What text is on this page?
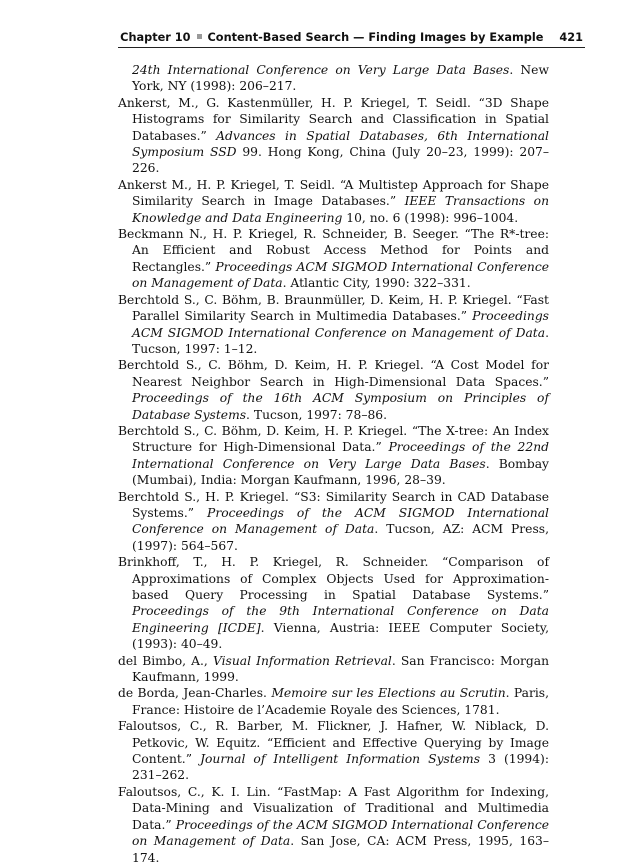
Chapter 10 Content-Based Search — Finding Images by Example 421

24th International Conference on Very Large Data Bases. New York, NY (1998): 206–217.

Ankerst, M., G. Kastenmüller, H. P. Kriegel, T. Seidl. “3D Shape Histograms for Similarity Search and Classification in Spatial Databases.” Advances in Spatial Databases, 6th International Symposium SSD 99. Hong Kong, China (July 20–23, 1999): 207–226.

Ankerst M., H. P. Kriegel, T. Seidl. “A Multistep Approach for Shape Similarity Search in Image Databases.” IEEE Transactions on Knowledge and Data Engineering 10, no. 6 (1998): 996–1004.

Beckmann N., H. P. Kriegel, R. Schneider, B. Seeger. “The R*-tree: An Efficient and Robust Access Method for Points and Rectangles.” Proceedings ACM SIGMOD International Conference on Management of Data. Atlantic City, 1990: 322–331.

Berchtold S., C. Böhm, B. Braunmüller, D. Keim, H. P. Kriegel. “Fast Parallel Similarity Search in Multimedia Databases.” Proceedings ACM SIGMOD International Conference on Management of Data. Tucson, 1997: 1–12.

Berchtold S., C. Böhm, D. Keim, H. P. Kriegel. “A Cost Model for Nearest Neighbor Search in High-Dimensional Data Spaces.” Proceedings of the 16th ACM Symposium on Principles of Database Systems. Tucson, 1997: 78–86.

Berchtold S., C. Böhm, D. Keim, H. P. Kriegel. “The X-tree: An Index Structure for High-Dimensional Data.” Proceedings of the 22nd International Conference on Very Large Data Bases. Bombay (Mumbai), India: Morgan Kaufmann, 1996, 28–39.

Berchtold S., H. P. Kriegel. “S3: Similarity Search in CAD Database Systems.” Proceedings of the ACM SIGMOD International Conference on Management of Data. Tucson, AZ: ACM Press, (1997): 564–567.

Brinkhoff, T., H. P. Kriegel, R. Schneider. “Comparison of Approximations of Complex Objects Used for Approximation-based Query Processing in Spatial Database Systems.” Proceedings of the 9th International Conference on Data Engineering [ICDE]. Vienna, Austria: IEEE Computer Society, (1993): 40–49.

del Bimbo, A., Visual Information Retrieval. San Francisco: Morgan Kaufmann, 1999.

de Borda, Jean-Charles. Memoire sur les Elections au Scrutin. Paris, France: Histoire de l’Academie Royale des Sciences, 1781.

Faloutsos, C., R. Barber, M. Flickner, J. Hafner, W. Niblack, D. Petkovic, W. Equitz. “Efficient and Effective Querying by Image Content.” Journal of Intelligent Information Systems 3 (1994): 231–262.

Faloutsos, C., K. I. Lin. “FastMap: A Fast Algorithm for Indexing, Data-Mining and Visualization of Traditional and Multimedia Data.” Proceedings of the ACM SIGMOD International Conference on Management of Data. San Jose, CA: ACM Press, 1995, 163–174.
